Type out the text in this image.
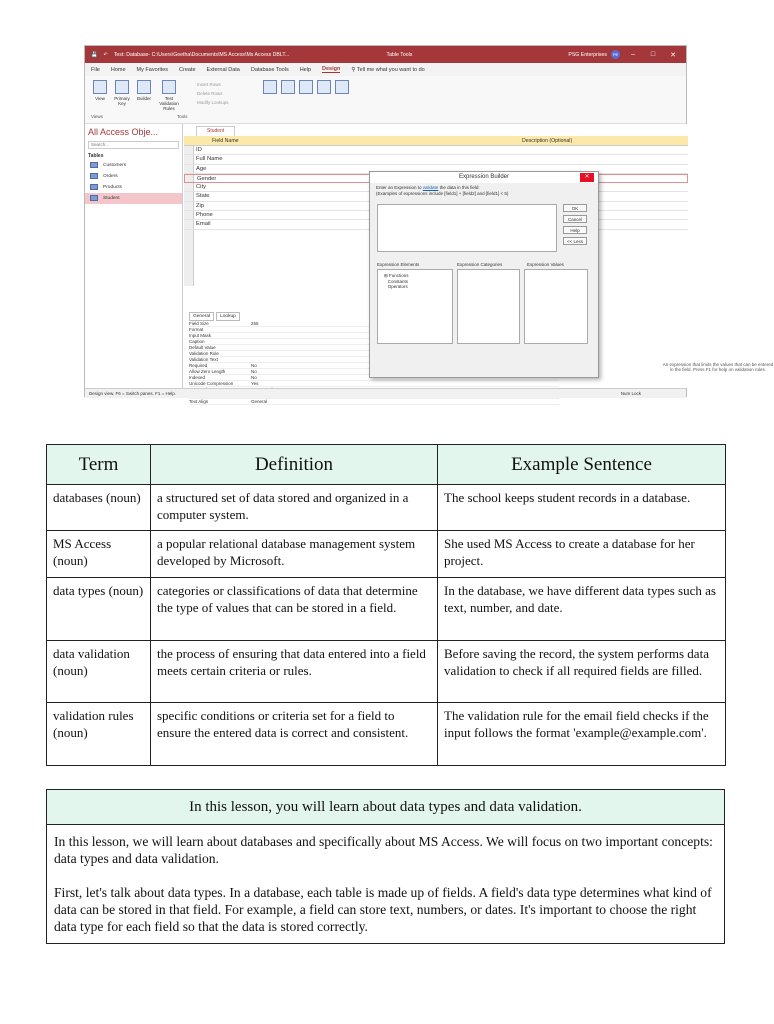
💾 ↶ Test: Database- C:\Users\Geetha\Documents\MS Access\Ms Access DBLT...	Table Tools	PSG Enterprises	PE	–	□	✕
File Home My Favorites Create External Data Database Tools Help Design ⚲ Tell me what you want to do
View Primary Key
Builder	Test Validation Rules
Insert Rows
Delete Rows
Modify Lookups
Views	Tools
All Access Obje...
Search...
Tables
Customers
Orders
Products
Student
Student
Field Name	Description (Optional)
ID
Full Name
Age
Gender
City
State
Zip
Phone
Email
General	Lookup
Field Size	255
Format
Input Mask
Caption
Default Value
Validation Rule
Validation Text
Required	No
Allow Zero Length	No
Indexed	No
Unicode Compression	Yes
Text Align	General
An expression that limits the values that can be entered in the field. Press F1 for help on validation rules.
Expression Builder	✕
Enter an Expression to validate the data in this field:
(Examples of expressions include [field1] + [field2] and [field1] < 5)
OK
Cancel
Help
<< Less
Expression Elements	Expression Categories	Expression Values
⊞ Functions
Constants
Operators
Design view. F6 = Switch panes. F1 = Help.	Num Lock
Term	Definition	Example Sentence
databases (noun)	a structured set of data stored and organized in a computer system.	The school keeps student records in a database.
MS Access (noun)	a popular relational database management system developed by Microsoft.	She used MS Access to create a database for her project.
data types (noun)	categories or classifications of data that determine the type of values that can be stored in a field.	In the database, we have different data types such as text, number, and date.
data validation (noun)	the process of ensuring that data entered into a field meets certain criteria or rules.	Before saving the record, the system performs data validation to check if all required fields are filled.
validation rules (noun)	specific conditions or criteria set for a field to ensure the entered data is correct and consistent.	The validation rule for the email field checks if the input follows the format 'example@example.com'.
In this lesson, you will learn about data types and data validation.

In this lesson, we will learn about databases and specifically about MS Access. We will focus on two important concepts: data types and data validation.

First, let's talk about data types. In a database, each table is made up of fields. A field's data type determines what kind of data can be stored in that field. For example, a field can store text, numbers, or dates. It's important to choose the right data type for each field so that the data is stored correctly.
